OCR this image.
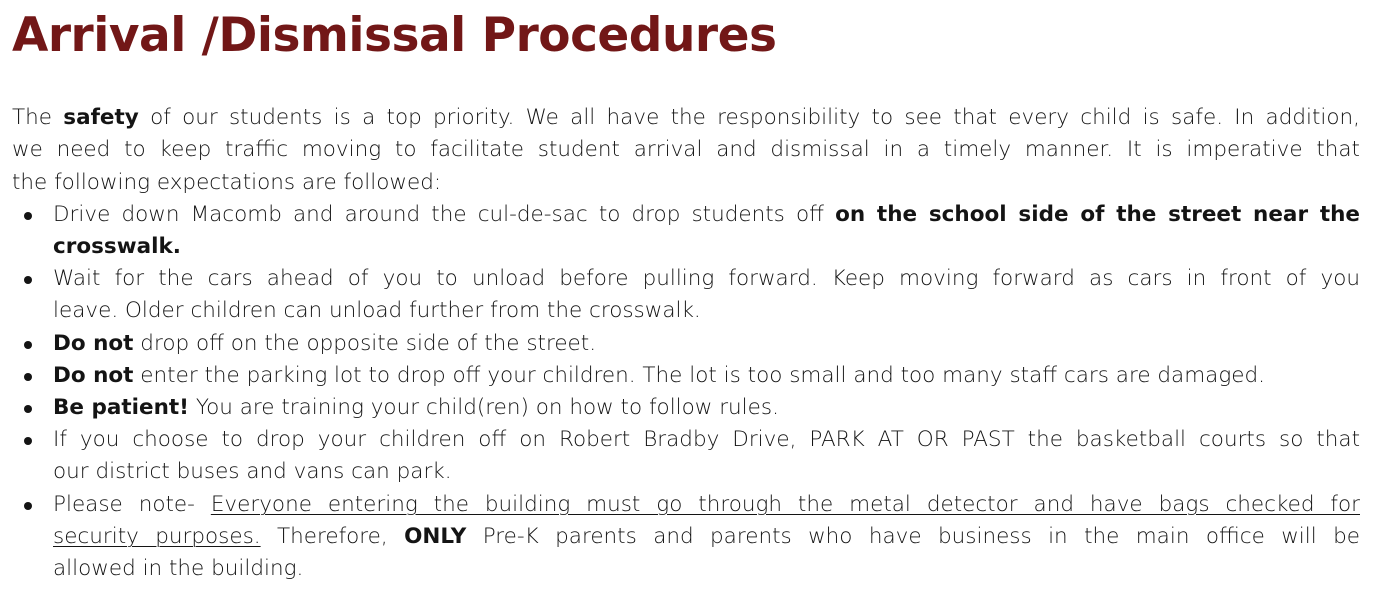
Arrival /Dismissal Procedures
The safety of our students is a top priority. We all have the responsibility to see that every child is safe. In addition,
we need to keep traffic moving to facilitate student arrival and dismissal in a timely manner. It is imperative that
the following expectations are followed:
Drive down Macomb and around the cul-de-sac to drop students off on the school side of the street near the
crosswalk.
Wait for the cars ahead of you to unload before pulling forward. Keep moving forward as cars in front of you
leave. Older children can unload further from the crosswalk.
Do not drop off on the opposite side of the street.
Do not enter the parking lot to drop off your children. The lot is too small and too many staff cars are damaged.
Be patient! You are training your child(ren) on how to follow rules.
If you choose to drop your children off on Robert Bradby Drive, PARK AT OR PAST the basketball courts so that
our district buses and vans can park.
Please note- Everyone entering the building must go through the metal detector and have bags checked for
security purposes. Therefore, ONLY Pre-K parents and parents who have business in the main office will be
allowed in the building.
